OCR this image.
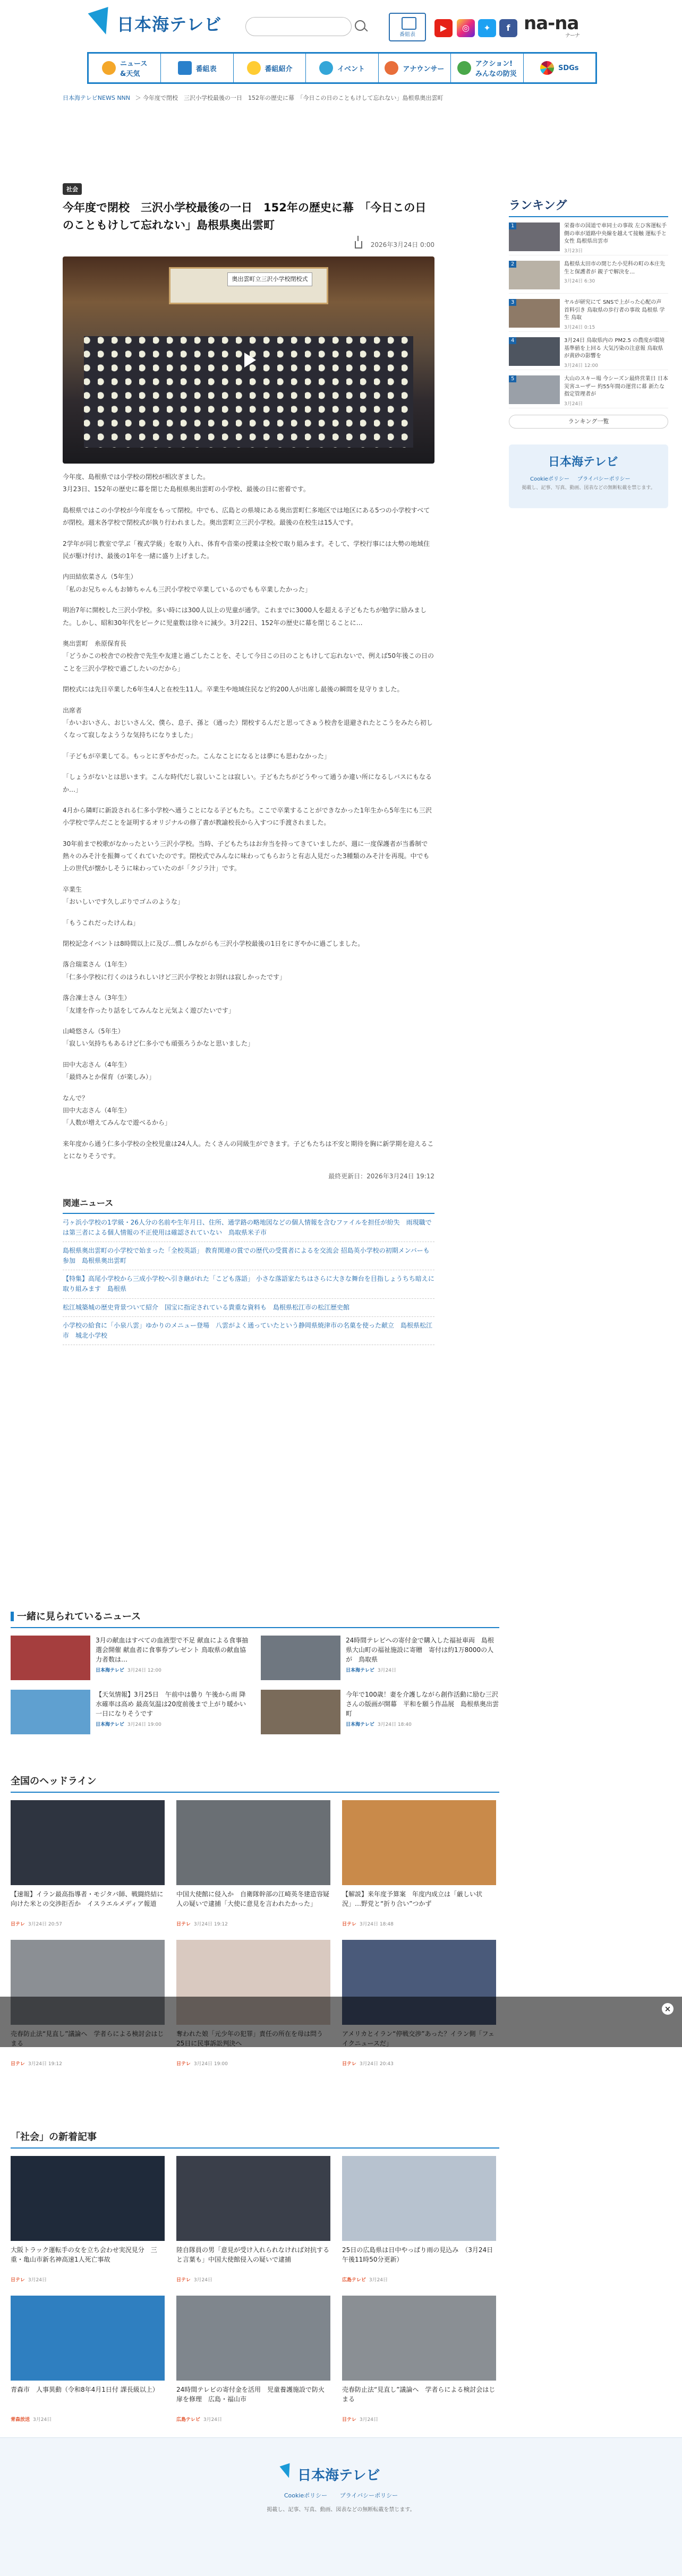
日本海テレビ
番組表
▶	◎	✦	f na-na
ナーナ
ニュース
&天気
番組表	番組紹介	イベント	アナウンサー
アクション!
みんなの防災
SDGs
日本海テレビNEWS NNN ＞ 今年度で閉校　三沢小学校最後の一日　152年の歴史に幕　「今日この日のこともけして忘れない」島根県奥出雲町
社会
今年度で閉校　三沢小学校最後の一日　152年の歴史に幕　「今日この日のこともけして忘れない」島根県奥出雲町
2026年3月24日 0:00
奥出雲町立三沢小学校閉校式

今年度、島根県では小学校の閉校が相次ぎました。
3月23日、152年の歴史に幕を閉じた島根県奥出雲町の小学校、最後の日に密着です。

島根県ではこの小学校が今年度をもって閉校。中でも、広島との県境にある奥出雲町仁多地区では地区にある5つの小学校すべてが閉校。週末各学校で閉校式が執り行われました。奥出雲町立三沢小学校。最後の在校生は15人です。

2学年が同じ教室で学ぶ「複式学級」を取り入れ、体育や音楽の授業は全校で取り組みます。そして、学校行事には大勢の地域住民が駆け付け、最後の1年を一緒に盛り上げました。

内田結依菜さん（5年生）
「私のお兄ちゃんもお姉ちゃんも三沢小学校で卒業しているのでもも卒業したかった」

明治7年に開校した三沢小学校。多い時には300人以上の児童が通学。これまでに3000人を超える子どもたちが勉学に励みました。しかし、昭和30年代をピークに児童数は徐々に減少。3月22日、152年の歴史に幕を閉じることに…

奥出雲町　糸原保育長
「どうかこの校舎での校舎で先生や友達と過ごしたことを、そして今日この日のこともけして忘れないで、例えば50年後この日のことを三沢小学校で過ごしたいのだから」

閉校式には先日卒業した6年生4人と在校生11人。卒業生や地域住民など約200人が出席し最後の瞬間を見守りました。

出席者
「かいおいさん、おじいさん父、僕ら、息子、孫と（通った）閉校するんだと思ってさぁう校舎を退避されたとこうをみたら初しくなって寂しなよううな気持ちになりました」

「子どもが卒業してる。もっとにぎやかだった。こんなことになるとは夢にも思わなかった」

「しょうがないとは思います。こんな時代だし寂しいことは寂しい。子どもたちがどうやって通うか違い所になるしバスにもなるか…」

4月から隣町に新設される仁多小学校へ通うことになる子どもたち。ここで卒業することができなかった1年生から5年生にも三沢小学校で学んだことを証明するオリジナルの修了書が教諭校長から入すつに手渡されました。

30年前まで校歌がなかったという三沢小学校。当時、子どもたちはお弁当を持ってきていましたが、週に一度保護者が当番制で熱々のみそ汁を振舞ってくれていたのです。閉校式でみんなに味わってもらおうと有志人見だった3種類のみそ汁を再現。中でも上の世代が懐かしそうに味わっていたのが「クジラ汁」です。

卒業生
「おいしいです久しぶりでゴムのような」

「もうこれだったけんね」

閉校記念イベントは8時間以上に及び…慣しみながらも三沢小学校最後の1日をにぎやかに過ごしました。

落合瑞菜さん（1年生）
「仁多小学校に行くのはうれしいけど三沢小学校とお別れは寂しかったです」

落合凜士さん（3年生）
「友達を作ったり話をしてみんなと元気よく遊びたいです」

山崎悠さん（5年生）
「寂しい気持ちもあるけど仁多小でも頑張ろうかなと思いました」

田中大志さん（4年生）
「最終みとか保育（が楽しみ）」

なんで？
田中大志さん（4年生）
「人数が増えてみんなで遊べるから」

来年度から通う仁多小学校の全校児童は24人人。たくさんの同級生ができます。子どもたちは不安と期待を胸に新学期を迎えることになりそうです。

最終更新日：2026年3月24日 19:12
関連ニュース
弓ヶ浜小学校の1学級・26人分の名前や生年月日、住所、通学路の略地図などの個人情報を含むファイルを担任が紛失　雨現職では第三者による個人情報の不正使用は確認されていない　鳥取県米子市
島根県奥出雲町の小学校で始まった「全校英語」 教育関連の賞での歴代の受賞者によるを交流会 招島英小学校の初期メンバーも参加　島根県奥出雲町
【特集】高尾小学校から三成小学校へ引き継がれた「こども落語」 小さな落語家たちはさらに大きな舞台を目指しょうちち暗えに取り組みます　島根県
松江城築城の歴史背景ついて紹介　国宝に指定されている貴重な資料も　島根県松江市の松江歴史館
小学校の給食に「小泉八雲」ゆかりのメニュー登場　八雲がよく通っていたという静岡県焼津市の名菓を使った献立　島根県松江市　城北小学校
ランキング
1	栄養市の国道で車同士の事故 左ひ客運転手側の車が道路中央線を越えて接触 運転手と女性 島根県出雲市
3月23日
2	島根県太田市の閉じた小児科の町の本庄先生と保護者が 親子で解決を…
3月24日 6:30
3	ヤルが研究にて SNSで上がった心配の声 首料引き 鳥取県の歩行者の事故 島根県 学生 鳥取
3月24日 0:15
4	3月24日 鳥取県内の PM2.5 の農度が環境基準値を上回る 大気汚染の注意報 鳥取県が黄砂の影響を
3月24日 12:00
5	大山のスキー場 今シーズン最終営業日 日本災害ユーザー 約55年間の運営に幕 新たな指定管理者が
3月24日
ランキング一覧
日本海テレビ
Cookieポリシー プライバシーポリシー
掲載し、記事、写真、動画、図表などの無断転載を禁じます。
一緒に見られているニュース
3月の献血はすべての血液型で不足 献血による食事抽選会開催 献血者に食事券プレゼント 鳥取県の献血協力者数は…
日本海テレビ 3月24日 12:00
24時間テレビへの寄付金で購入した福祉車両　島根県大山町の福祉施設に寄贈　寄付は約1万8000の人が　鳥取県
日本海テレビ 3月24日
【天気情報】3月25日　午前中は曇り 午後から雨 降水確率は高め 最高気温は20度前後まで上がり暖かい一日になりそうです
日本海テレビ 3月24日 19:00
今年で100歳！妻を介護しながら創作活動に励む三沢さんの版画が開幕　平和を願う作品展　島根県奥出雲町
日本海テレビ 3月24日 18:40
全国のヘッドライン
【速報】イラン最高指導者・モジタバ師、戦闘終結に向けた米との交渉拒否か　イスラエルメディア報道
日テレ 3月24日 20:57
中国大使館に侵入か　自衛隊幹部の江崎英冬建造容疑人の疑いで逮捕「大使に意見を言われたかった」
日テレ 3月24日 19:12
【解説】来年度予算案　年度内成立は「厳しい状況」…野党と“折り合い”つかず
日テレ 3月24日 18:48
日テレ 3月24日 19:12	日テレ 3月24日 19:00	日テレ 3月24日 20:43
「社会」の新着記事
大阪トラック運転手の女を立ち会わせ実況見分　三重・亀山市新名神高速1人死亡事故
日テレ 3月24日
陸自隊員の男「意見が受け入れられなければ対抗すると言葉も」中国大使館侵入の疑いで逮捕
日テレ 3月24日
25日の広島県は日中やっぱり雨の見込み　（3月24日午後11時50分更新）
広島テレビ 3月24日
青森市　人事異動（令和8年4月1日付 課長級以上）
青森放送 3月24日
24時間テレビの寄付金を活用　児童養護施設で防火扉を修理　広島・福山市
広島テレビ 3月24日
売春防止法“見直し”議論へ　学者らによる検討会はじまる
日テレ 3月24日
×
日本海テレビ
Cookieポリシー プライバシーポリシー
掲載し、記事、写真、動画、図表などの無断転載を禁じます。
